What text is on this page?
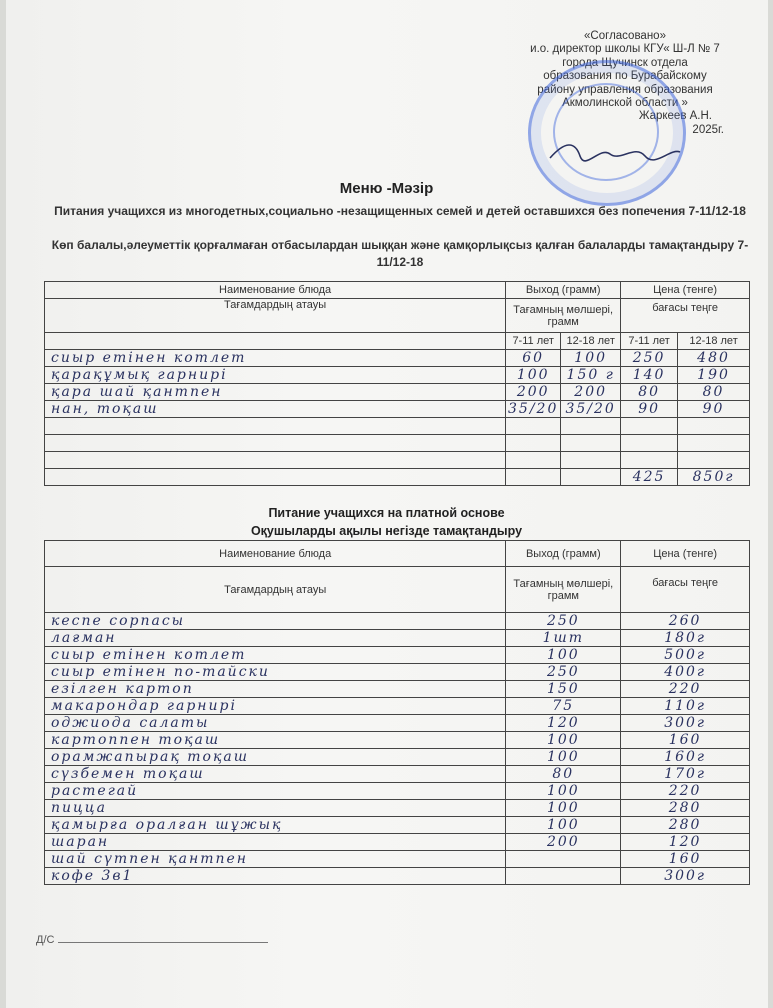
«Согласовано»
и.о. директор школы КГУ« Ш-Л № 7
города Щучинск отдела
образования по Бурабайскому
району управления образования
Акмолинской области »
Жаркеев А.Н.
2025г.
Меню -Мәзір
Питания учащихся из многодетных,социально -незащищенных семей и детей оставшихся без попечения 7-11/12-18
Көп балалы,әлеуметтік қорғалмаған отбасылардан шыққан және қамқорлықсыз қалған балаларды тамақтандыру 7-11/12-18
Наименование блюда	Выход (грамм)		Цена (тенге)	
Тағамдардың атауы	Тағамның мөлшері, грамм		бағасы теңге	
	7-11 лет	12-18 лет	7-11 лет	12-18 лет
сиыр етінен котлет	60	100	250	480
қарақұмық гарнирі	100	150 г	140	190
қара шай қантпен	200	200	80	80
нан, тоқаш	35/20	35/20	90	90

			425	850г
Питание учащихся на платной основе
Оқушыларды ақылы негізде тамақтандыру
Наименование блюда	Выход (грамм)	Цена (тенге)
Тағамдардың атауы	Тағамның мөлшері, грамм	бағасы теңге
кеспе сорпасы	250	260
лағман	1шт	180г
сиыр етінен котлет	100	500г
сиыр етінен по-тайски	250	400г
езілген картоп	150	220
макарондар гарнирі	75	110г
оджиода салаты	120	300г
картоппен тоқаш	100	160
орамжапырақ тоқаш	100	160г
сүзбемен тоқаш	80	170г
растегай	100	220
пицца	100	280
қамырға оралған шұжық	100	280
шаран	200	120
шай сүтпен қантпен		160
кофе 3в1		300г
Д/С
